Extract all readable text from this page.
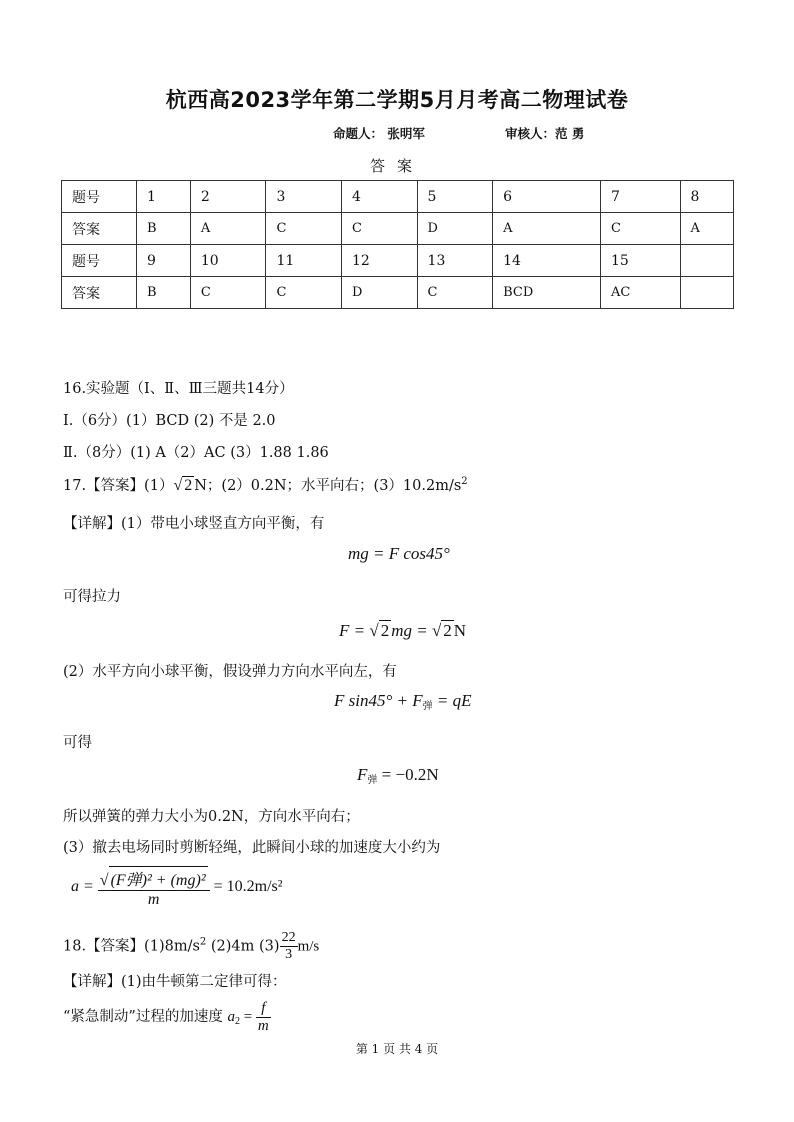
杭西高2023学年第二学期5月月考高二物理试卷
命题人： 张明军	审核人：范 勇
答案
题号	1	2	3	4	5	6	7	8
答案	B	A	C	C	D	A	C	A
题号	9	10	11	12	13	14	15	
答案	B	C	C	D	C	BCD	AC	
16.实验题（Ⅰ、Ⅱ、Ⅲ三题共14分）
Ⅰ.（6分）(1）BCD (2) 不是 2.0
Ⅱ.（8分）(1) A（2）AC (3）1.88 1.86
17.【答案】(1）√ 2 N；(2）0.2N；水平向右；$(3)10.2m/s^2$
【详解】(1）带电小球竖直方向平衡，有
mg = F cos45°
可得拉力
F = √ 2 mg = √ 2 N
(2）水平方向小球平衡，假设弹力方向水平向左，有
F sin45° + F弹 = qE
可得
F弹 = −0.2N
所以弹簧的弹力大小为0.2N，方向水平向右；
(3）撤去电场同时剪断轻绳，此瞬间小球的加速度大小约为
$a = \frac{\text{√ (F弹)² + (mg)²}}{m} = 10.2m/s^2$
18.【答案】$(1)8m/s^2$ (2)4m $(3) \frac{22}{3} m/s$
【详解】(1)由牛顿第二定律可得：
“紧急制动”过程的加速度 $a_2 = \frac{f}{m}$
第 1 页 共 4 页
